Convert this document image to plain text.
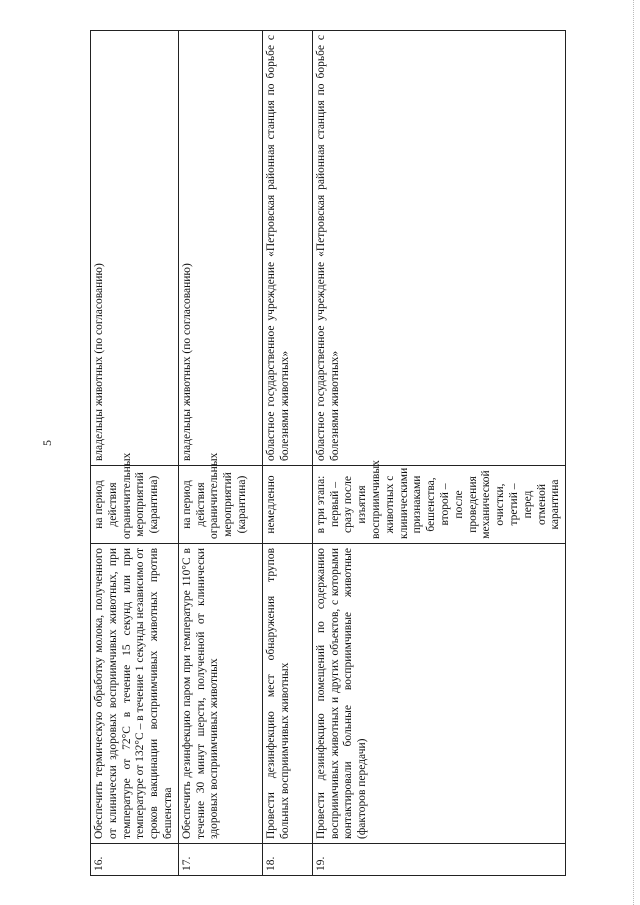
5
16.	Обеспечить термическую обработку молока, полученного от клинически здоровых восприимчивых животных, при температуре от 72°С в течение 15 секунд или при температуре от 132°С – в течение 1 секунды независимо от сроков вакцинации восприимчивых животных против бешенства	на период действия ограничительных мероприятий (карантина)	владельцы животных (по согласованию)
17.	Обеспечить дезинфекцию паром при температуре 110°С в течение 30 минут шерсти, полученной от клинически здоровых восприимчивых животных	на период действия ограничительных мероприятий (карантина)	владельцы животных (по согласованию)
18.	Провести дезинфекцию мест обнаружения трупов больных восприимчивых животных	немедленно	областное государственное учреждение «Петровская районная станция по борьбе с болезнями животных»
19.	Провести дезинфекцию помещений по содержанию восприимчивых животных и других объектов, с которыми контактировали больные восприимчивые животные (факторов передачи)	в три этапа: первый – сразу после изъятия восприимчивых животных с клиническими признаками бешенства, второй – после проведения механической очистки, третий – перед отменой карантина	областное государственное учреждение «Петровская районная станция по борьбе с болезнями животных»
